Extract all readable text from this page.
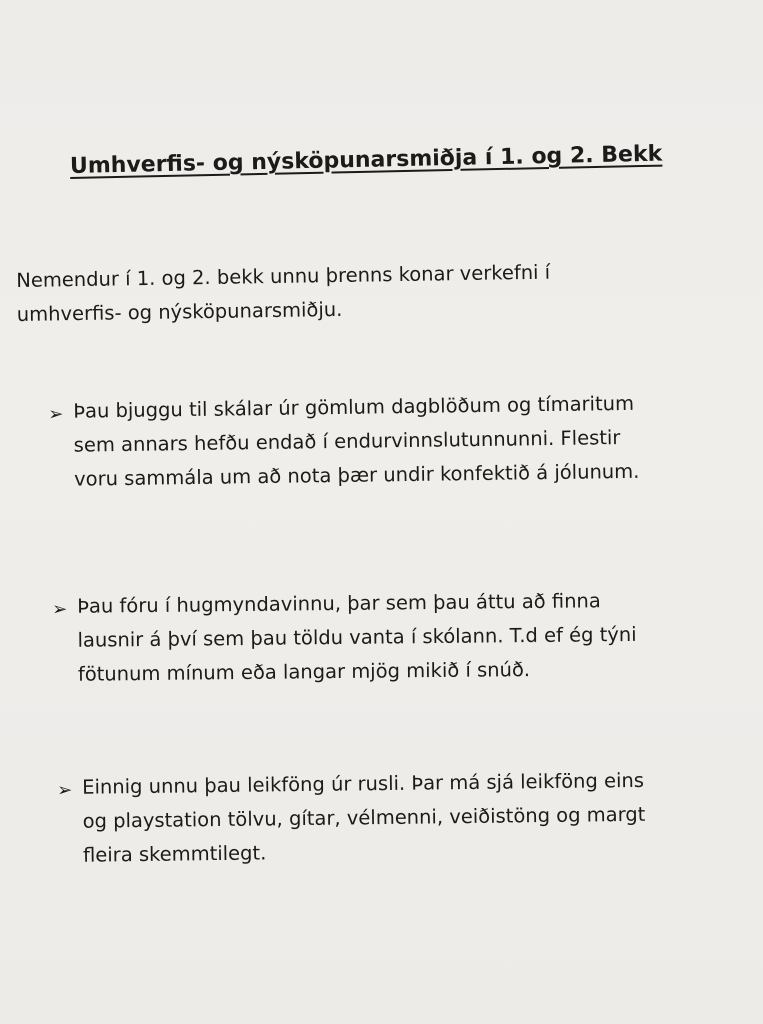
Umhverfis- og nýsköpunarsmiðja í 1. og 2. Bekk

Nemendur í 1. og 2. bekk unnu þrenns konar verkefni í
umhverfis- og nýsköpunarsmiðju.

➢ Þau bjuggu til skálar úr gömlum dagblöðum og tímaritum
sem annars hefðu endað í endurvinnslutunnunni. Flestir
voru sammála um að nota þær undir konfektið á jólunum.
➢ Þau fóru í hugmyndavinnu, þar sem þau áttu að finna
lausnir á því sem þau töldu vanta í skólann. T.d ef ég týni
fötunum mínum eða langar mjög mikið í snúð.
➢ Einnig unnu þau leikföng úr rusli. Þar má sjá leikföng eins
og playstation tölvu, gítar, vélmenni, veiðistöng og margt
fleira skemmtilegt.
